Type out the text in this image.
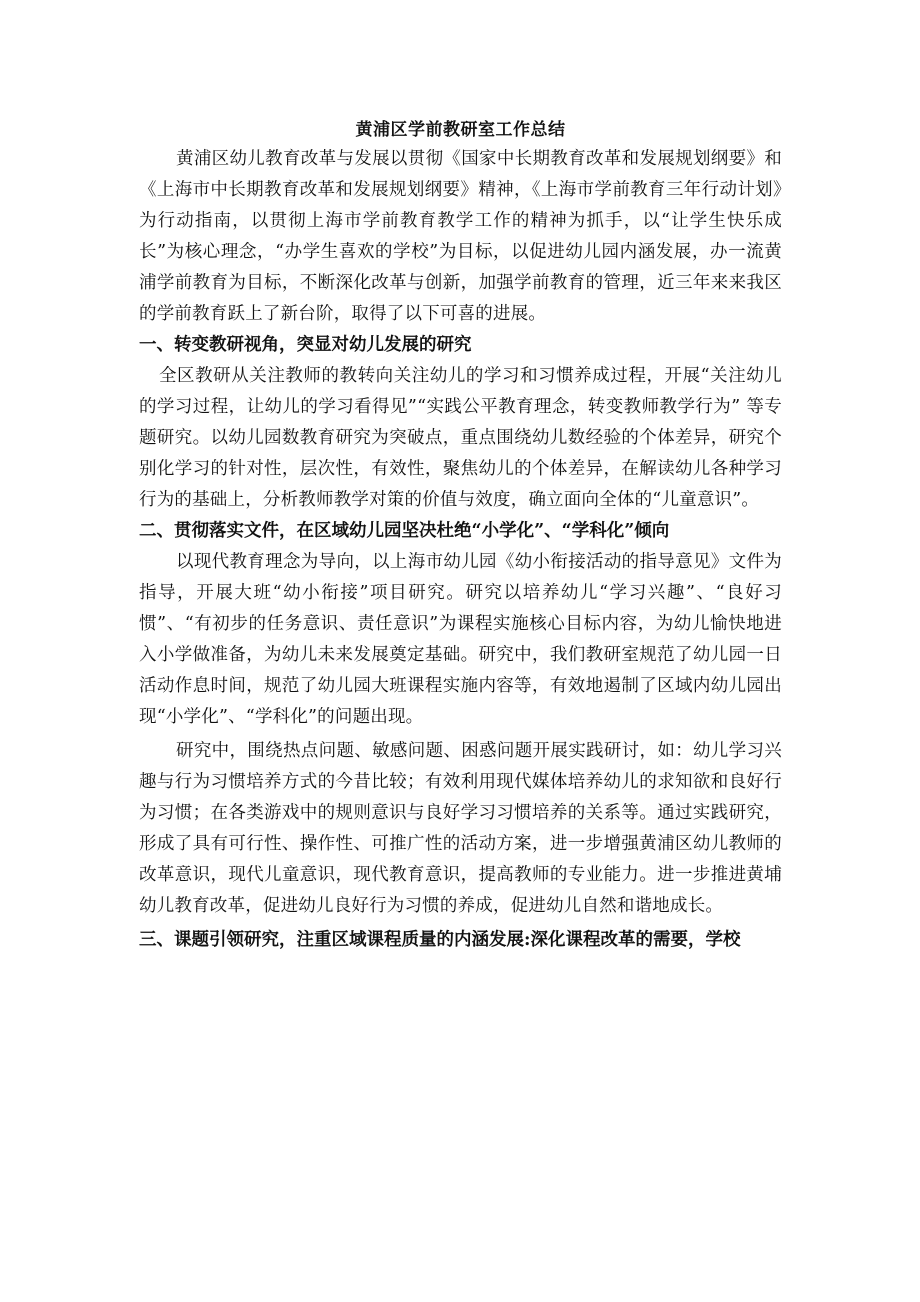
黄浦区学前教研室工作总结

黄浦区幼儿教育改革与发展以贯彻《国家中长期教育改革和发展规划纲要》和《上海市中长期教育改革和发展规划纲要》精神，《上海市学前教育三年行动计划》为行动指南，以贯彻上海市学前教育教学工作的精神为抓手，以“让学生快乐成长”为核心理念，“办学生喜欢的学校”为目标，以促进幼儿园内涵发展，办一流黄浦学前教育为目标，不断深化改革与创新，加强学前教育的管理，近三年来来我区的学前教育跃上了新台阶，取得了以下可喜的进展。

一、转变教研视角，突显对幼儿发展的研究

全区教研从关注教师的教转向关注幼儿的学习和习惯养成过程，开展“关注幼儿的学习过程，让幼儿的学习看得见”“实践公平教育理念，转变教师教学行为” 等专题研究。以幼儿园数教育研究为突破点，重点围绕幼儿数经验的个体差异，研究个别化学习的针对性，层次性，有效性，聚焦幼儿的个体差异，在解读幼儿各种学习行为的基础上，分析教师教学对策的价值与效度，确立面向全体的“儿童意识”。

二、贯彻落实文件，在区域幼儿园坚决杜绝“小学化”、“学科化”倾向

以现代教育理念为导向，以上海市幼儿园《幼小衔接活动的指导意见》文件为指导，开展大班“幼小衔接”项目研究。研究以培养幼儿“学习兴趣”、“良好习惯”、“有初步的任务意识、责任意识”为课程实施核心目标内容，为幼儿愉快地进入小学做准备，为幼儿未来发展奠定基础。研究中，我们教研室规范了幼儿园一日活动作息时间，规范了幼儿园大班课程实施内容等，有效地遏制了区域内幼儿园出现“小学化”、“学科化”的问题出现。

研究中，围绕热点问题、敏感问题、困惑问题开展实践研讨，如：幼儿学习兴趣与行为习惯培养方式的今昔比较；有效利用现代媒体培养幼儿的求知欲和良好行为习惯；在各类游戏中的规则意识与良好学习习惯培养的关系等。通过实践研究，形成了具有可行性、操作性、可推广性的活动方案，进一步增强黄浦区幼儿教师的改革意识，现代儿童意识，现代教育意识，提高教师的专业能力。进一步推进黄埔幼儿教育改革，促进幼儿良好行为习惯的养成，促进幼儿自然和谐地成长。

三、课题引领研究，注重区域课程质量的内涵发展:深化课程改革的需要，学校
